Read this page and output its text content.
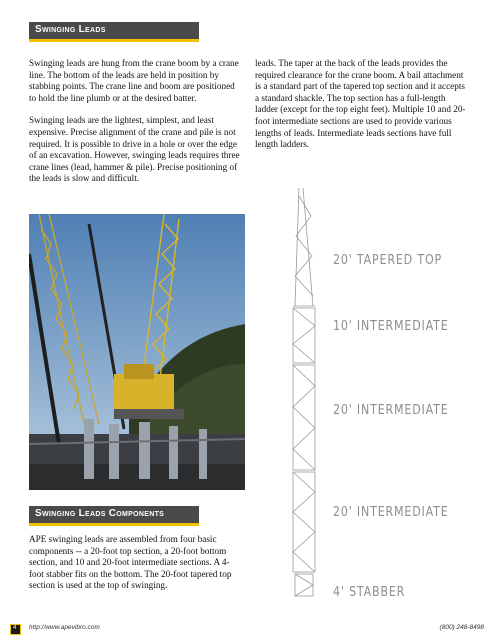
Swinging Leads

Swinging leads are hung from the crane boom by a crane line. The bottom of the leads are held in position by stabbing points. The crane line and boom are positioned to hold the line plumb or at the desired batter.

Swinging leads are the lightest, simplest, and least expensive. Precise alignment of the crane and pile is not required. It is possible to drive in a hole or over the edge of an excavation. However, swinging leads requires three crane lines (lead, hammer & pile). Precise positioning of the leads is slow and difficult.

leads. The taper at the back of the leads provides the required clearance for the crane boom. A bail attachment is a standard part of the tapered top section and it accepts a standard shackle. The top section has a full-length ladder (except for the top eight feet). Multiple 10 and 20-foot intermediate sections are used to provide various lengths of leads. Intermediate leads sections have full length ladders.

Swinging Leads Components

APE swinging leads are assembled from four basic components -- a 20-foot top section, a 20-foot bottom section, and 10 and 20-foot intermediate sections. A 4-foot stabber fits on the bottom. The 20-foot tapered top section is used at the top of swinging.

20' TAPERED TOP
10' INTERMEDIATE
20' INTERMEDIATE
20' INTERMEDIATE
4' STABBER
4 http://www.apevibro.com	(800) 248-8498
